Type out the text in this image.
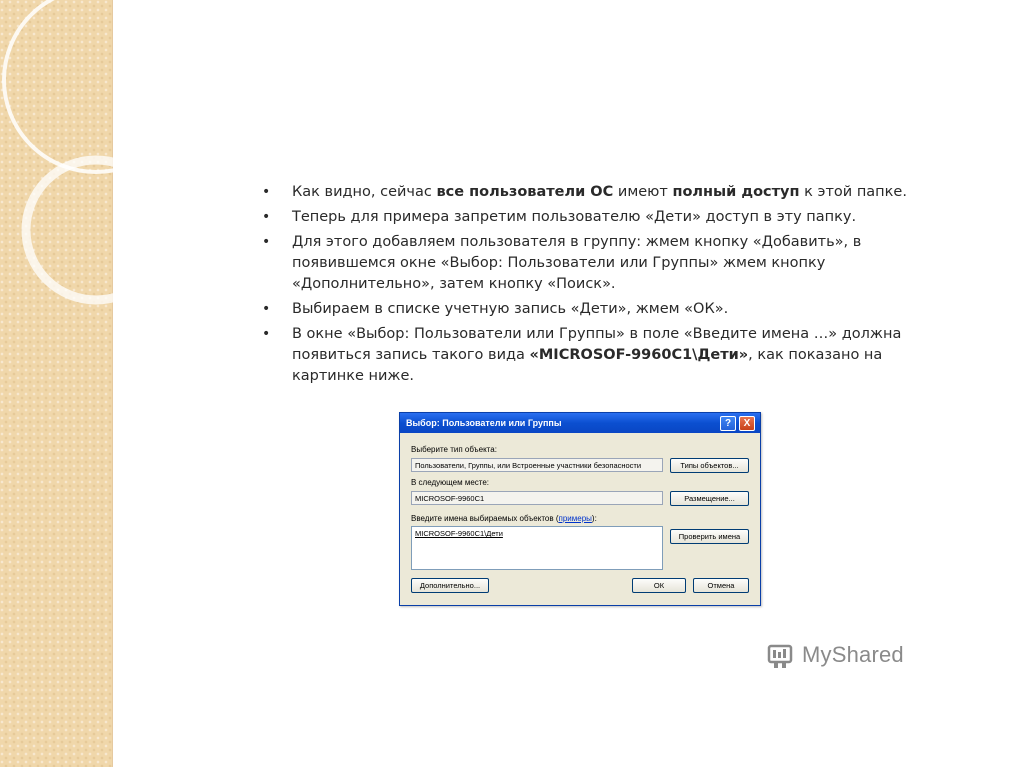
• Как видно, сейчас все пользователи ОС имеют полный доступ к этой папке.
• Теперь для примера запретим пользователю «Дети» доступ в эту папку.
• Для этого добавляем пользователя в группу: жмем кнопку «Добавить», в появившемся окне «Выбор: Пользователи или Группы» жмем кнопку «Дополнительно», затем кнопку «Поиск».
• Выбираем в списке учетную запись «Дети», жмем «ОК».
• В окне «Выбор: Пользователи или Группы» в поле «Введите имена …» должна появиться запись такого вида «MICROSOF-9960C1\Дети», как показано на картинке ниже.
Выбор: Пользователи или Группы	?	X
Выберите тип объекта:
Пользователи, Группы, или Встроенные участники безопасности	Типы объектов...
В следующем месте:
MICROSOF-9960C1	Размещение...
Введите имена выбираемых объектов (примеры):
MICROSOF-9960C1\Дети	Проверить имена
Дополнительно...	ОК	Отмена
MyShared
